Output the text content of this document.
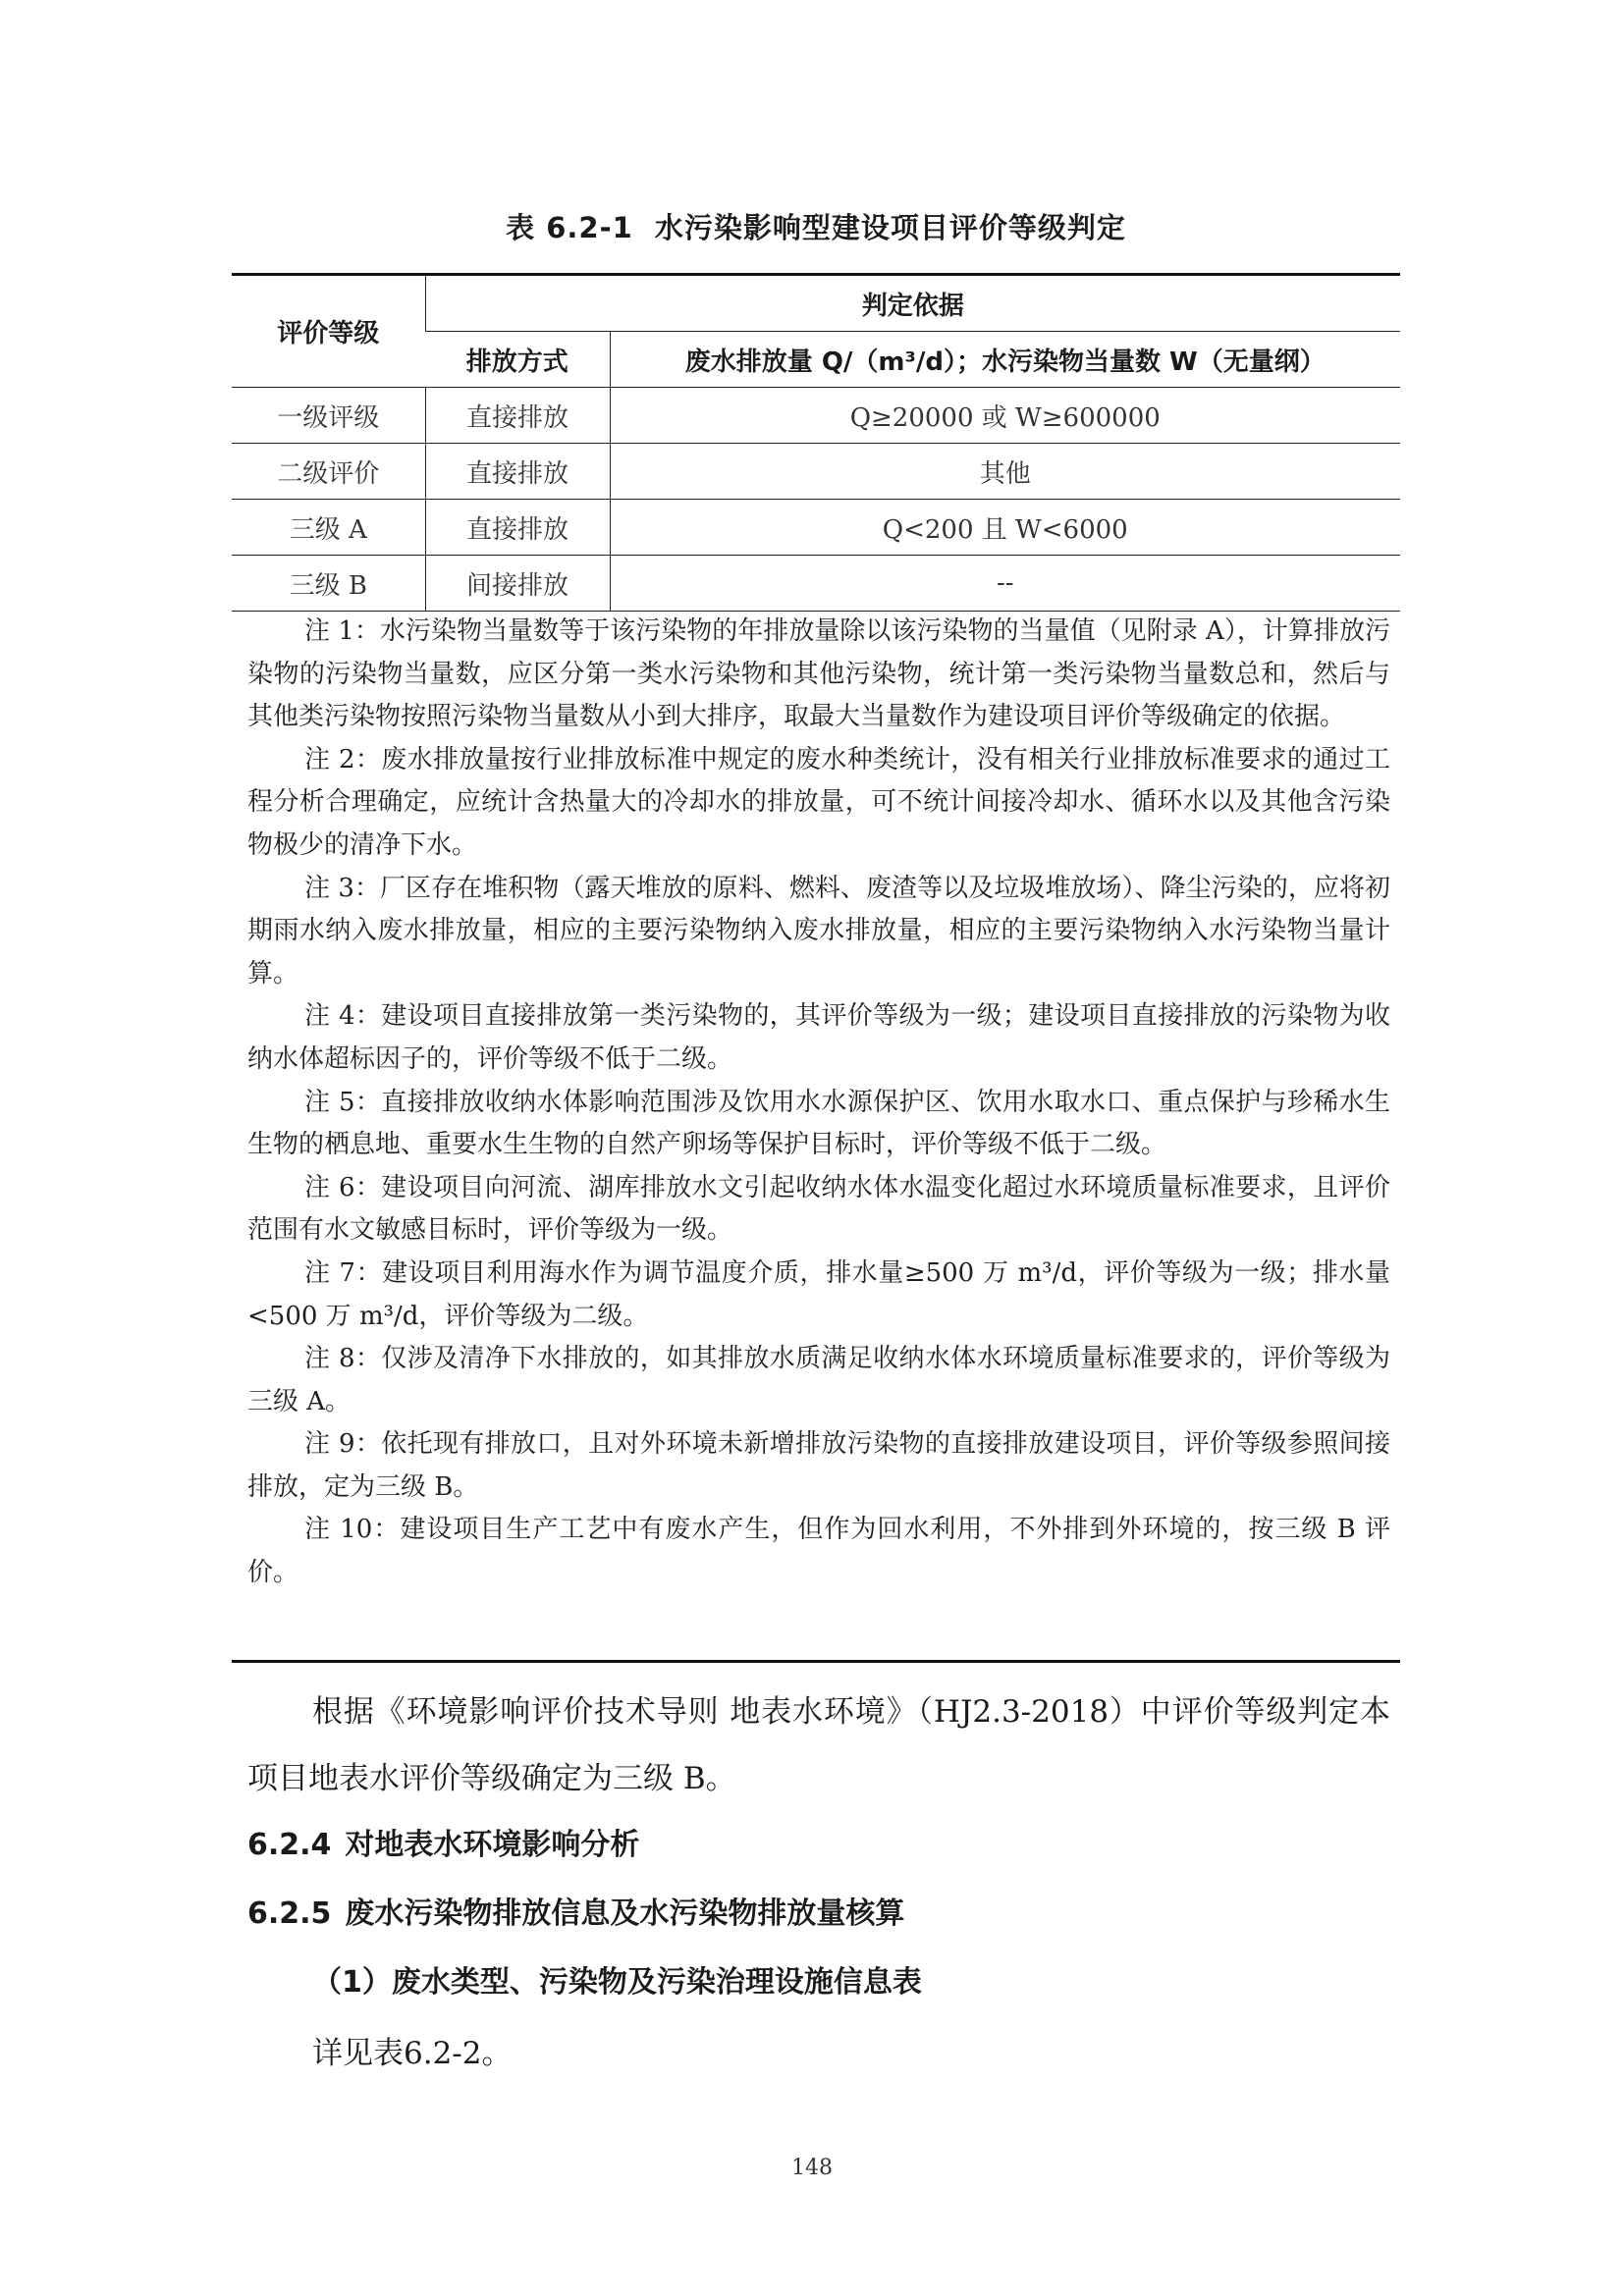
表 6.2-1 水污染影响型建设项目评价等级判定
评价等级	判定依据	
	排放方式	废水排放量 Q/（m³/d）；水污染物当量数 W（无量纲）
一级评级	直接排放	Q≥20000 或 W≥600000
二级评价	直接排放	其他
三级 A	直接排放	Q<200 且 W<6000
三级 B	间接排放	--

注 1：水污染物当量数等于该污染物的年排放量除以该污染物的当量值（见附录 A），计算排放污染物的污染物当量数，应区分第一类水污染物和其他污染物，统计第一类污染物当量数总和，然后与其他类污染物按照污染物当量数从小到大排序，取最大当量数作为建设项目评价等级确定的依据。

注 2：废水排放量按行业排放标准中规定的废水种类统计，没有相关行业排放标准要求的通过工程分析合理确定，应统计含热量大的冷却水的排放量，可不统计间接冷却水、循环水以及其他含污染物极少的清净下水。

注 3：厂区存在堆积物（露天堆放的原料、燃料、废渣等以及垃圾堆放场）、降尘污染的，应将初期雨水纳入废水排放量，相应的主要污染物纳入废水排放量，相应的主要污染物纳入水污染物当量计算。

注 4：建设项目直接排放第一类污染物的，其评价等级为一级；建设项目直接排放的污染物为收纳水体超标因子的，评价等级不低于二级。

注 5：直接排放收纳水体影响范围涉及饮用水水源保护区、饮用水取水口、重点保护与珍稀水生生物的栖息地、重要水生生物的自然产卵场等保护目标时，评价等级不低于二级。

注 6：建设项目向河流、湖库排放水文引起收纳水体水温变化超过水环境质量标准要求，且评价范围有水文敏感目标时，评价等级为一级。

注 7：建设项目利用海水作为调节温度介质，排水量≥500 万 m³/d，评价等级为一级；排水量<500 万 m³/d，评价等级为二级。

注 8：仅涉及清净下水排放的，如其排放水质满足收纳水体水环境质量标准要求的，评价等级为三级 A。

注 9：依托现有排放口，且对外环境未新增排放污染物的直接排放建设项目，评价等级参照间接排放，定为三级 B。

注 10：建设项目生产工艺中有废水产生，但作为回水利用，不外排到外环境的，按三级 B 评价。

根据《环境影响评价技术导则 地表水环境》（HJ2.3-2018）中评价等级判定本项目地表水评价等级确定为三级 B。

6.2.4 对地表水环境影响分析
6.2.5 废水污染物排放信息及水污染物排放量核算
（1）废水类型、污染物及污染治理设施信息表
详见表6.2-2。
148
